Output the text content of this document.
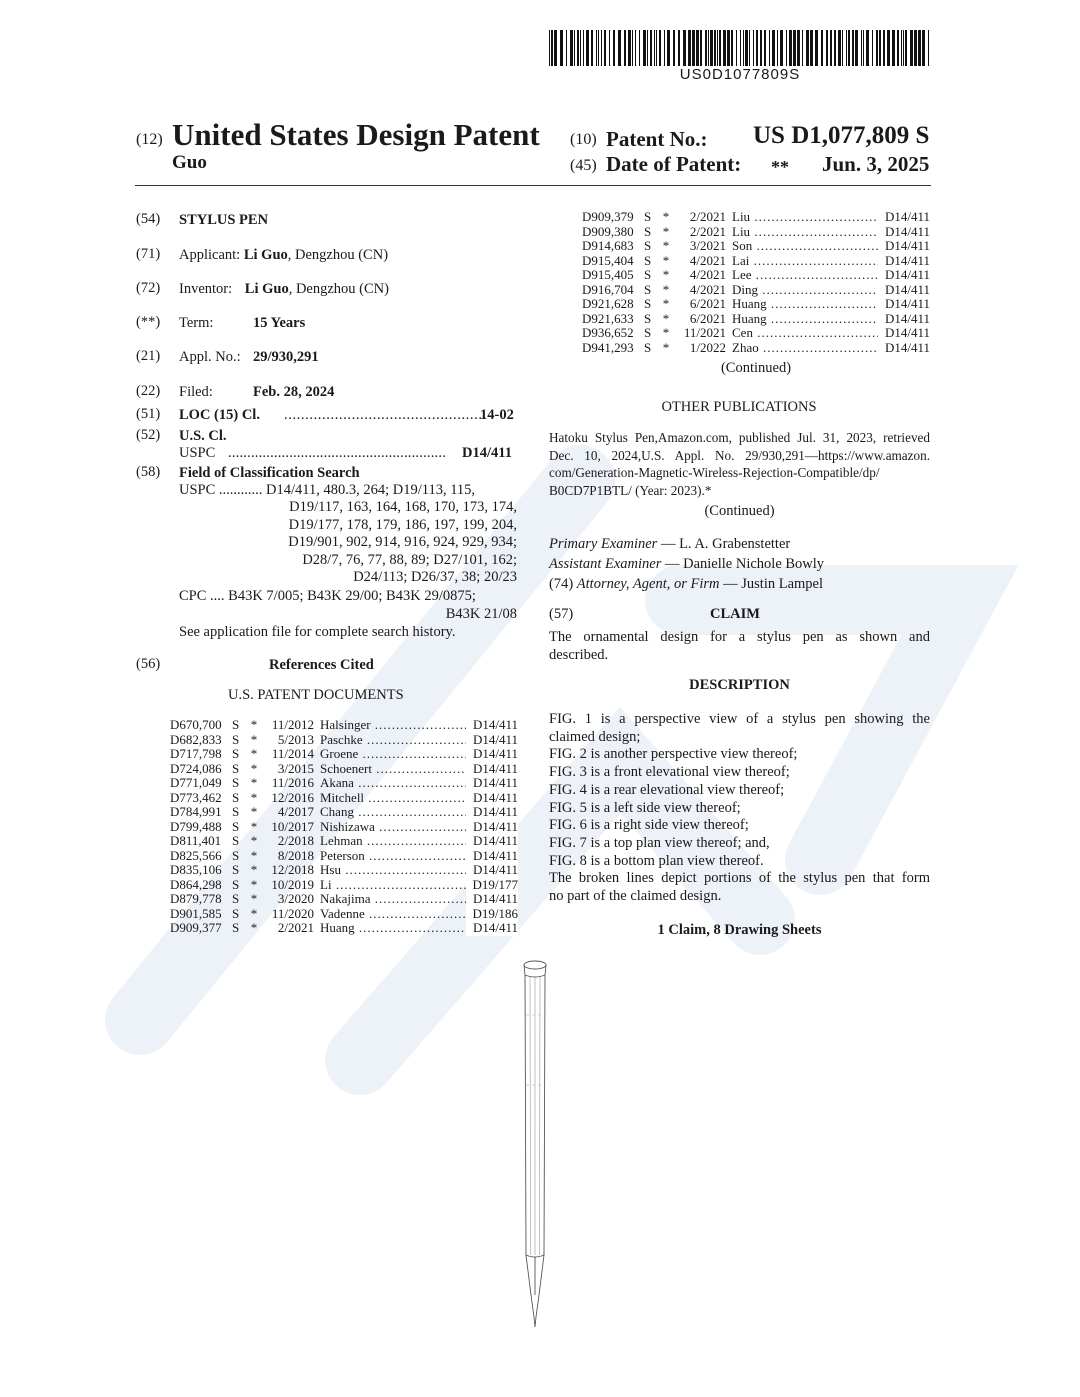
US0D1077809S
(12) United States Design Patent
Guo
(10) Patent No.: US D1,077,809 S
(45) Date of Patent: ** Jun. 3, 2025
(54) STYLUS PEN
(71) Applicant: Li Guo, Dengzhou (CN)
(72) Inventor: Li Guo, Dengzhou (CN)
(**) Term:	15 Years
(21) Appl. No.: 29/930,291
(22) Filed:	Feb. 28, 2024
(51) LOC (15) Cl. ................................................
14-02
(52) U.S. Cl.
USPC ......................................................... D14/411
(58) Field of Classification Search
USPC ............ D14/411, 480.3, 264; D19/113, 115,
D19/117, 163, 164, 168, 170, 173, 174,
D19/177, 178, 179, 186, 197, 199, 204,
D19/901, 902, 914, 916, 924, 929, 934;
D28/7, 76, 77, 88, 89; D27/101, 162;
D24/113; D26/37, 38; 20/23
CPC .... B43K 7/005; B43K 29/00; B43K 29/0875;
B43K 21/08
See application file for complete search history.
(56)	References Cited
U.S. PATENT DOCUMENTS
D670,700 S *	11/2012 Halsinger .....	D14/411
D682,833 S *	5/2013 Paschke .....	D14/411
D717,798 S *	11/2014 Groene .....	D14/411
D724,086 S *	3/2015 Schoenert .....	D14/411
D771,049 S *	11/2016 Akana .....	D14/411
D773,462 S *	12/2016 Mitchell .....	D14/411
D784,991 S *	4/2017 Chang .....	D14/411
D799,488 S *	10/2017 Nishizawa .....	D14/411
D811,401 S *	2/2018 Lehman .....	D14/411
D825,566 S *	8/2018 Peterson .....	D14/411
D835,106 S *	12/2018 Hsu .....	D14/411
D864,298 S *	10/2019 Li .....	D19/177
D879,778 S *	3/2020 Nakajima .....	D14/411
D901,585 S *	11/2020 Vadenne .....	D19/186
D909,377 S *	2/2021 Huang .....	D14/411
D909,379 S *	2/2021 Liu .....	D14/411
D909,380 S *	2/2021 Liu .....	D14/411
D914,683 S *	3/2021 Son .....	D14/411
D915,404 S *	4/2021 Lai .....	D14/411
D915,405 S *	4/2021 Lee .....	D14/411
D916,704 S *	4/2021 Ding .....	D14/411
D921,628 S *	6/2021 Huang .....	D14/411
D921,633 S *	6/2021 Huang .....	D14/411
D936,652 S *	11/2021 Cen .....	D14/411
D941,293 S *	1/2022 Zhao .....	D14/411
(Continued)
OTHER PUBLICATIONS
Hatoku Stylus Pen,Amazon.com, published Jul. 31, 2023, retrieved
Dec. 10, 2024,U.S. Appl. No. 29/930,291—https://www.amazon.
com/Generation-Magnetic-Wireless-Rejection-Compatible/dp/
B0CD7P1BTL/ (Year: 2023).*
(Continued)
Primary Examiner — L. A. Grabenstetter
Assistant Examiner — Danielle Nichole Bowly
(74) Attorney, Agent, or Firm — Justin Lampel
(57)	CLAIM
The ornamental design for a stylus pen as shown and
described.
DESCRIPTION
FIG. 1 is a perspective view of a stylus pen showing the
claimed design;
FIG. 2 is another perspective view thereof;
FIG. 3 is a front elevational view thereof;
FIG. 4 is a rear elevational view thereof;
FIG. 5 is a left side view thereof;
FIG. 6 is a right side view thereof;
FIG. 7 is a top plan view thereof; and,
FIG. 8 is a bottom plan view thereof.
The broken lines depict portions of the stylus pen that form
no part of the claimed design.
1 Claim, 8 Drawing Sheets
